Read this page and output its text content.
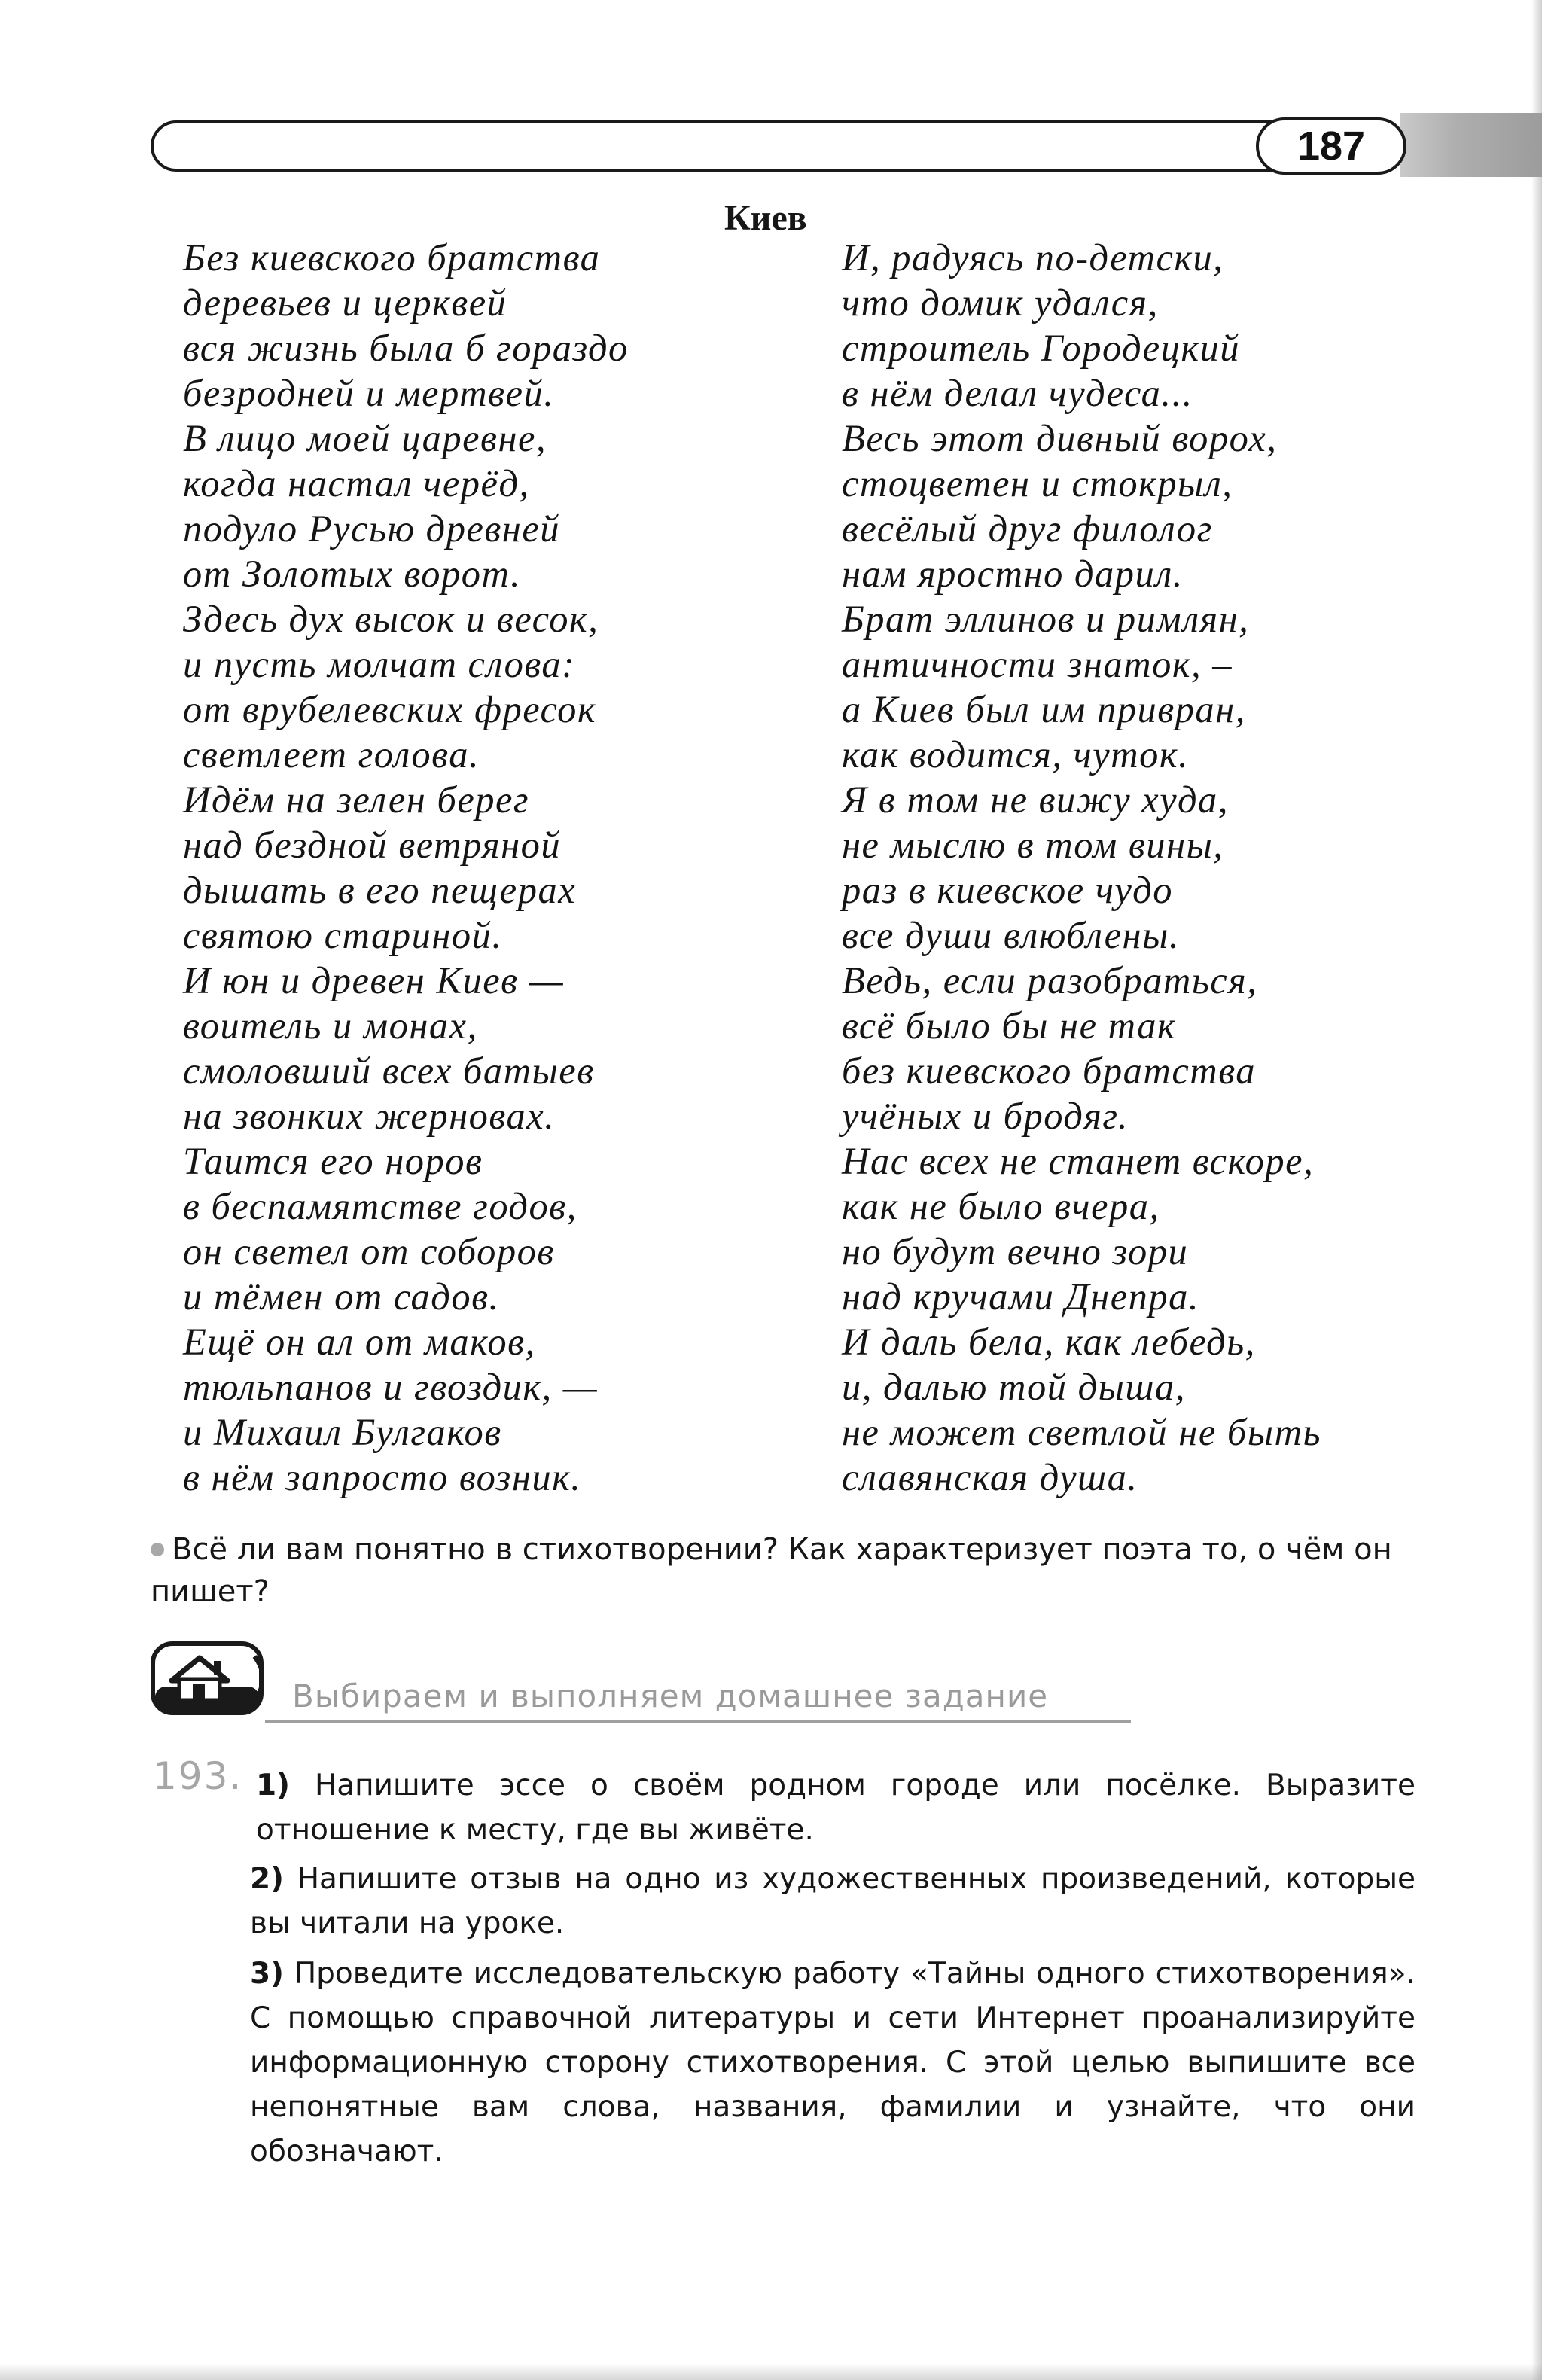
187
Киев
Без киевского братства
деревьев и церквей
вся жизнь была б гораздо
безродней и мертвей.
В лицо моей царевне,
когда настал черёд,
подуло Русью древней
от Золотых ворот.
Здесь дух высок и весок,
и пусть молчат слова:
от врубелевских фресок
светлеет голова.
Идём на зелен берег
над бездной ветряной
дышать в его пещерах
святою стариной.
И юн и древен Киев —
воитель и монах,
смоловший всех батыев
на звонких жерновах.
Таится его норов
в беспамятстве годов,
он светел от соборов
и тёмен от садов.
Ещё он ал от маков,
тюльпанов и гвоздик, —
и Михаил Булгаков
в нём запросто возник.
И, радуясь по-детски,
что домик удался,
строитель Городецкий
в нём делал чудеса...
Весь этот дивный ворох,
стоцветен и стокрыл,
весёлый друг филолог
нам яростно дарил.
Брат эллинов и римлян,
античности знаток, –
а Киев был им привран,
как водится, чуток.
Я в том не вижу худа,
не мыслю в том вины,
раз в киевское чудо
все души влюблены.
Ведь, если разобраться,
всё было бы не так
без киевского братства
учёных и бродяг.
Нас всех не станет вскоре,
как не было вчера,
но будут вечно зори
над кручами Днепра.
И даль бела, как лебедь,
и, далью той дыша,
не может светлой не быть
славянская душа.
Всё ли вам понятно в стихотворении? Как характеризует поэта то, о чём он пишет?
Выбираем и выполняем домашнее задание
193. 1) Напишите эссе о своём родном городе или посёлке. Выразите отношение к месту, где вы живёте.
2) Напишите отзыв на одно из художественных произведений, которые вы читали на уроке.
3) Проведите исследовательскую работу «Тайны одного стихотворения». С помощью справочной литературы и сети Интернет проанализируйте информационную сторону стихотворения. С этой целью выпишите все непонятные вам слова, названия, фамилии и узнайте, что они обозначают.
